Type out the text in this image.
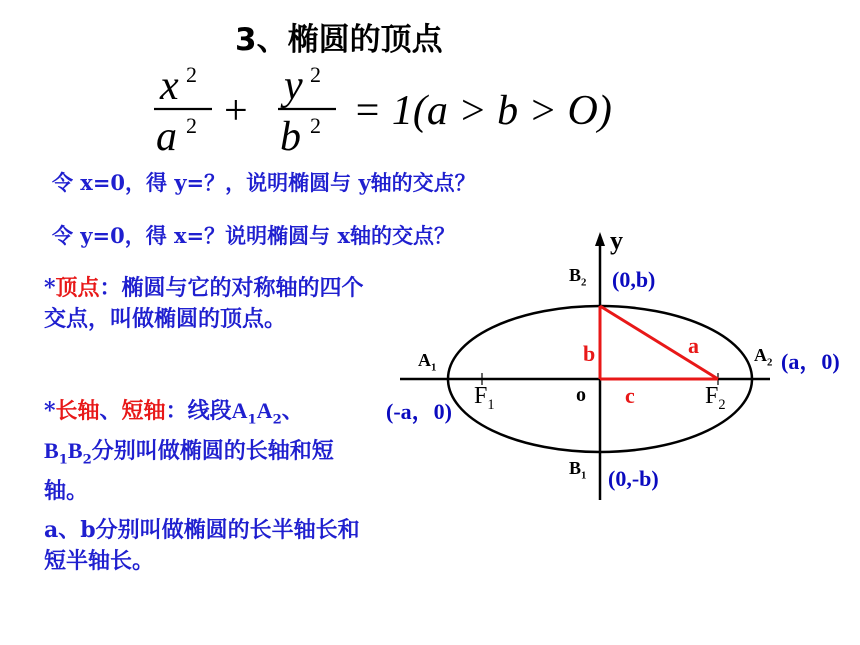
3、椭圆的顶点
x 2
a 2 +
y 2
b 2 = 1(a > b > O)
令 x=0，得 y=？，说明椭圆与 y轴的交点？
令 y=0，得 x=？说明椭圆与 x轴的交点？
*顶点：椭圆与它的对称轴的四个交点，叫做椭圆的顶点。
*长轴、短轴：线段$A_1A_2$、
$B_1B_2$分别叫做椭圆的长轴和短轴。
a、b分别叫做椭圆的长半轴长和短半轴长。
y
o
$B_2$ (0,b)
$B_1$ (0,-b)
$A_1$
(-a，0)
$A_2$ (a，0)
$F_1$	$F_2$
a
b
c
